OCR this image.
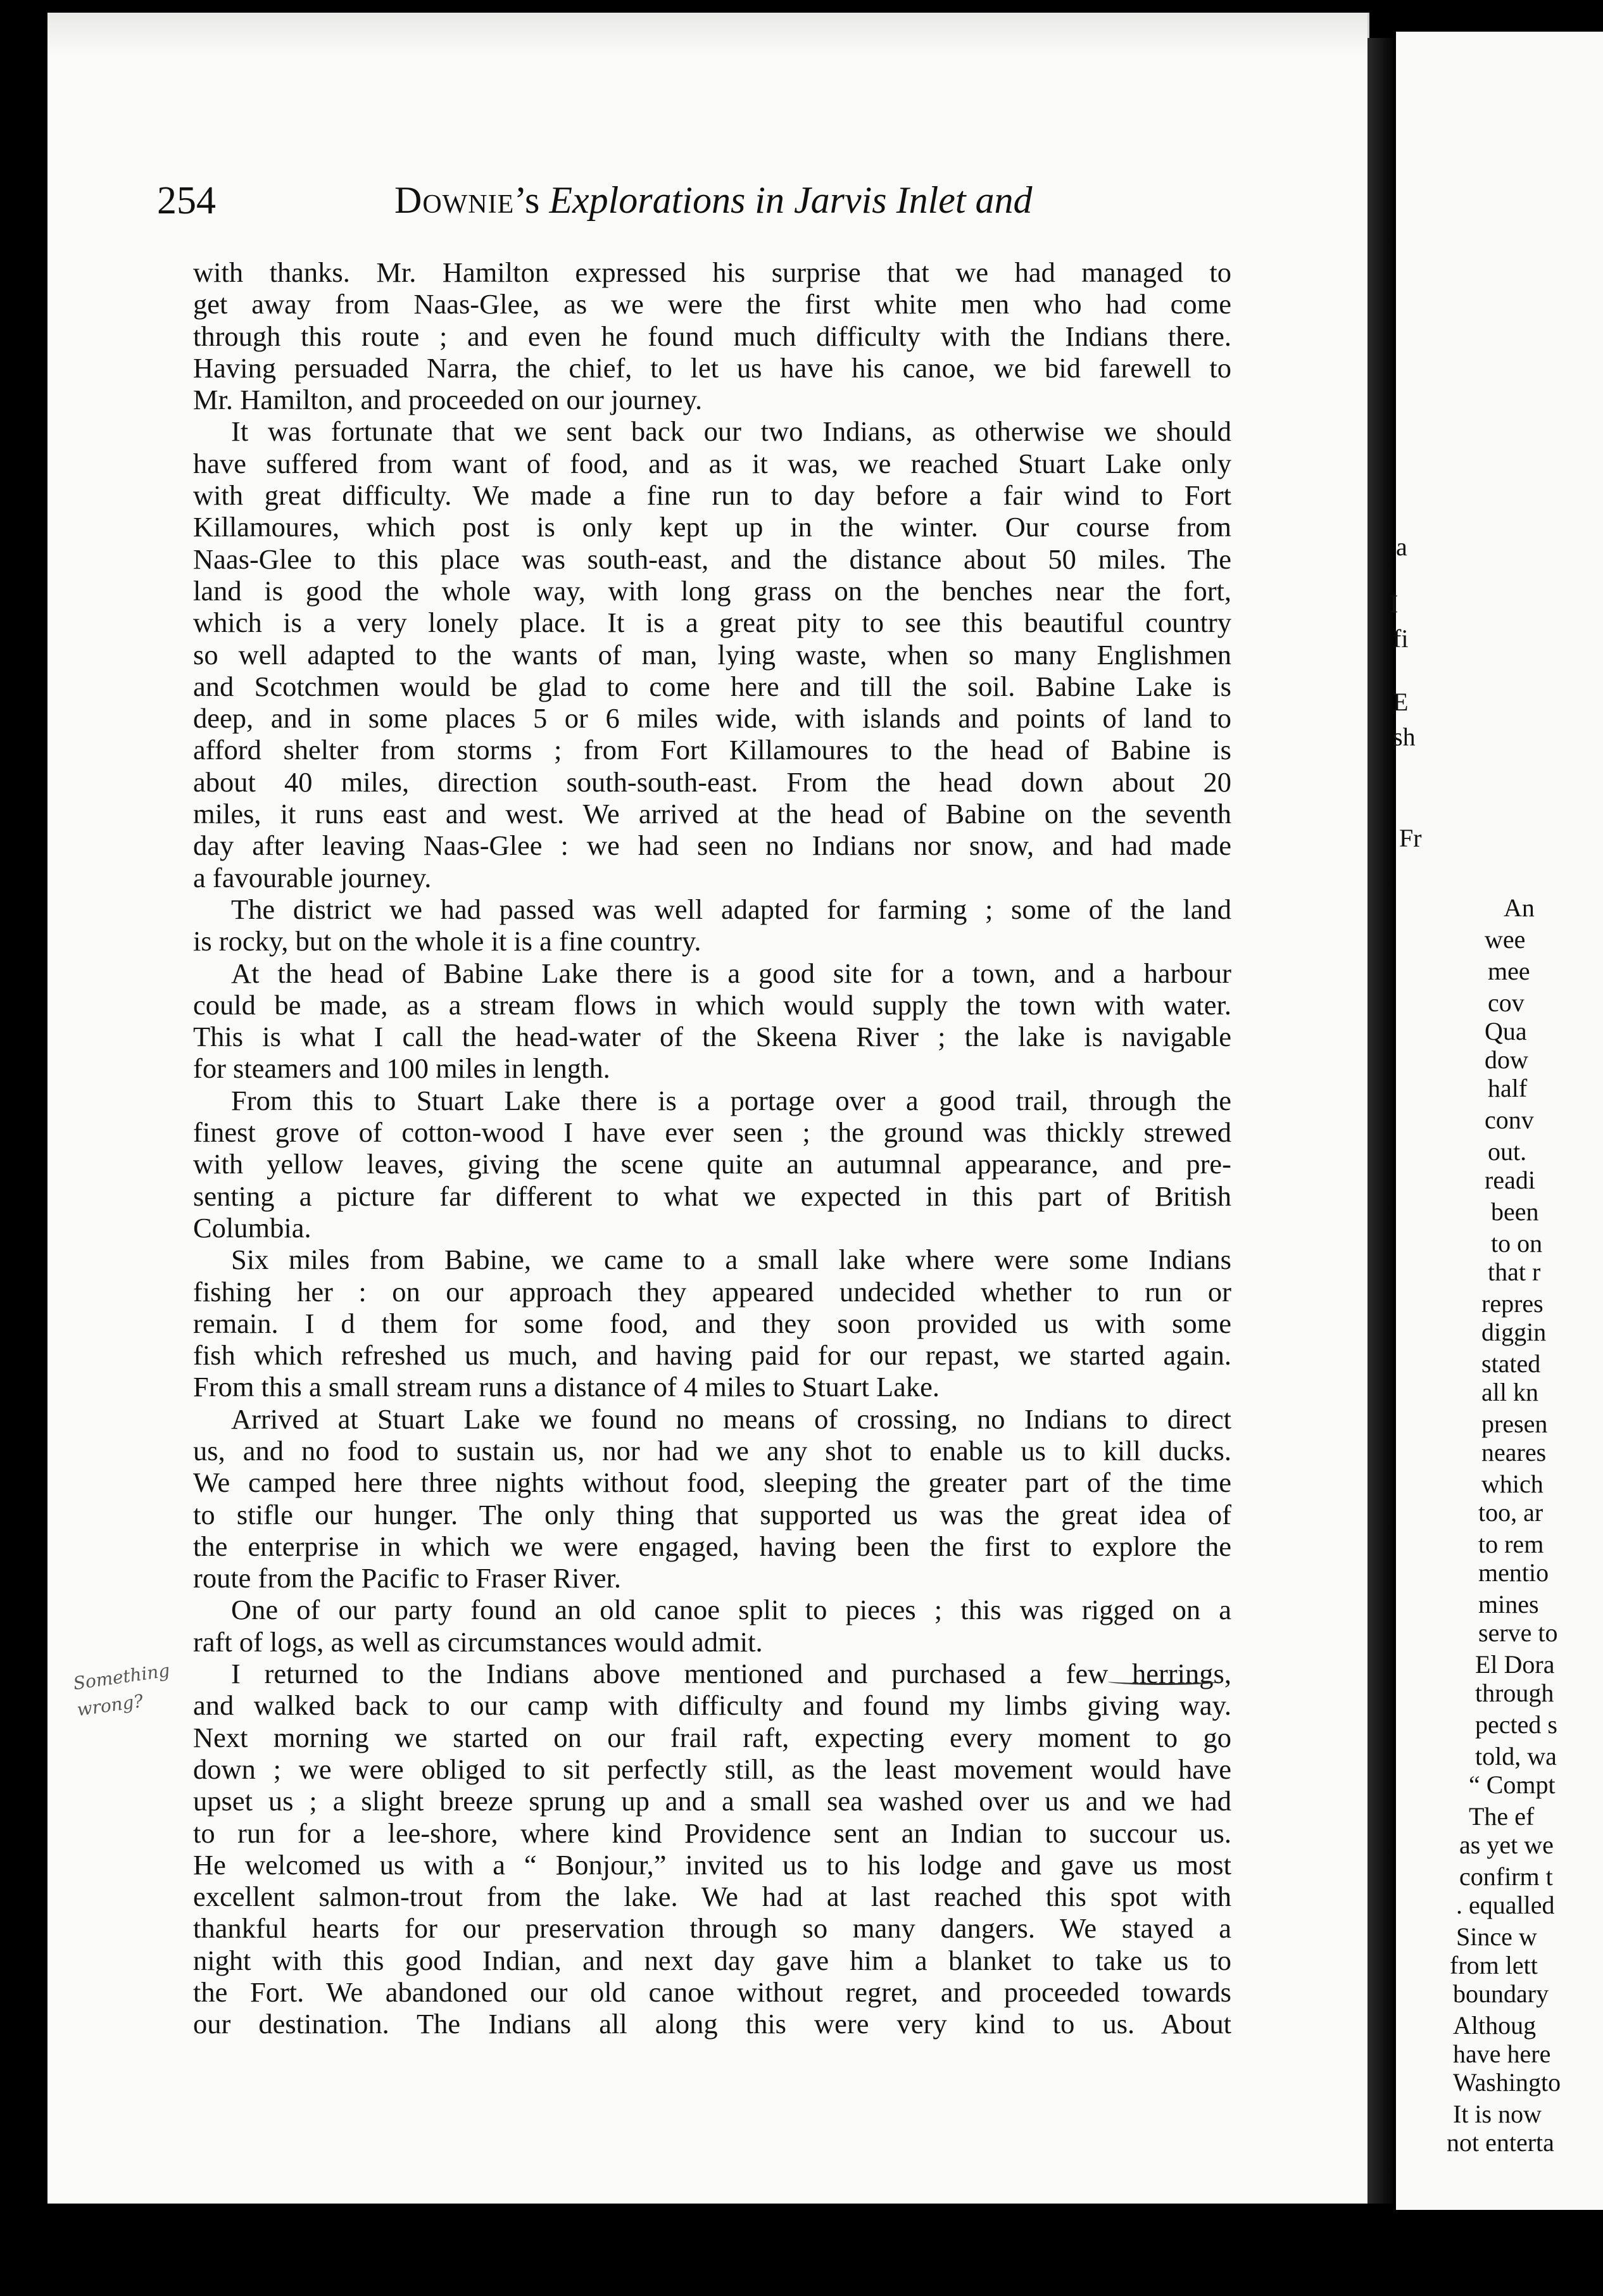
254	Downie’s Explorations in Jarvis Inlet and
with thanks. Mr. Hamilton expressed his surprise that we had managed to
get away from Naas-Glee, as we were the first white men who had come
through this route ; and even he found much difficulty with the Indians there.
Having persuaded Narra, the chief, to let us have his canoe, we bid farewell to
Mr. Hamilton, and proceeded on our journey.
It was fortunate that we sent back our two Indians, as otherwise we should
have suffered from want of food, and as it was, we reached Stuart Lake only
with great difficulty. We made a fine run to day before a fair wind to Fort
Killamoures, which post is only kept up in the winter. Our course from
Naas-Glee to this place was south-east, and the distance about 50 miles. The
land is good the whole way, with long grass on the benches near the fort,
which is a very lonely place. It is a great pity to see this beautiful country
so well adapted to the wants of man, lying waste, when so many Englishmen
and Scotchmen would be glad to come here and till the soil. Babine Lake is
deep, and in some places 5 or 6 miles wide, with islands and points of land to
afford shelter from storms ; from Fort Killamoures to the head of Babine is
about 40 miles, direction south-south-east. From the head down about 20
miles, it runs east and west. We arrived at the head of Babine on the seventh
day after leaving Naas-Glee : we had seen no Indians nor snow, and had made
a favourable journey.
The district we had passed was well adapted for farming ; some of the land
is rocky, but on the whole it is a fine country.
At the head of Babine Lake there is a good site for a town, and a harbour
could be made, as a stream flows in which would supply the town with water.
This is what I call the head-water of the Skeena River ; the lake is navigable
for steamers and 100 miles in length.
From this to Stuart Lake there is a portage over a good trail, through the
finest grove of cotton-wood I have ever seen ; the ground was thickly strewed
with yellow leaves, giving the scene quite an autumnal appearance, and pre-
senting a picture far different to what we expected in this part of British
Columbia.
Six miles from Babine, we came to a small lake where were some Indians
fishing her : on our approach they appeared undecided whether to run or
remain. I d them for some food, and they soon provided us with some
fish which refreshed us much, and having paid for our repast, we started again.
From this a small stream runs a distance of 4 miles to Stuart Lake.
Arrived at Stuart Lake we found no means of crossing, no Indians to direct
us, and no food to sustain us, nor had we any shot to enable us to kill ducks.
We camped here three nights without food, sleeping the greater part of the time
to stifle our hunger. The only thing that supported us was the great idea of
the enterprise in which we were engaged, having been the first to explore the
route from the Pacific to Fraser River.
One of our party found an old canoe split to pieces ; this was rigged on a
raft of logs, as well as circumstances would admit.
I returned to the Indians above mentioned and purchased a few herrings,
and walked back to our camp with difficulty and found my limbs giving way.
Next morning we started on our frail raft, expecting every moment to go
down ; we were obliged to sit perfectly still, as the least movement would have
upset us ; a slight breeze sprung up and a small sea washed over us and we had
to run for a lee-shore, where kind Providence sent an Indian to succour us.
He welcomed us with a “ Bonjour,” invited us to his lodge and gave us most
excellent salmon-trout from the lake. We had at last reached this spot with
thankful hearts for our preservation through so many dangers. We stayed a
night with this good Indian, and next day gave him a blanket to take us to
the Fort. We abandoned our old canoe without regret, and proceeded towards
our destination. The Indians all along this were very kind to us. About
Something wrong?
a
I
fi
E
sh
Fr
An
wee
mee
cov
Qua
dow
half
conv
out.
readi
been
to on
that r
repres
diggin
stated
all kn
presen
neares
which
too, ar
to rem
mentio
mines
serve to
El Dora
through
pected s
told, wa
“ Compt
The ef
as yet we
confirm t
. equalled
Since w
from lett
boundary
Althoug
have here
Washingto
It is now
not enterta
